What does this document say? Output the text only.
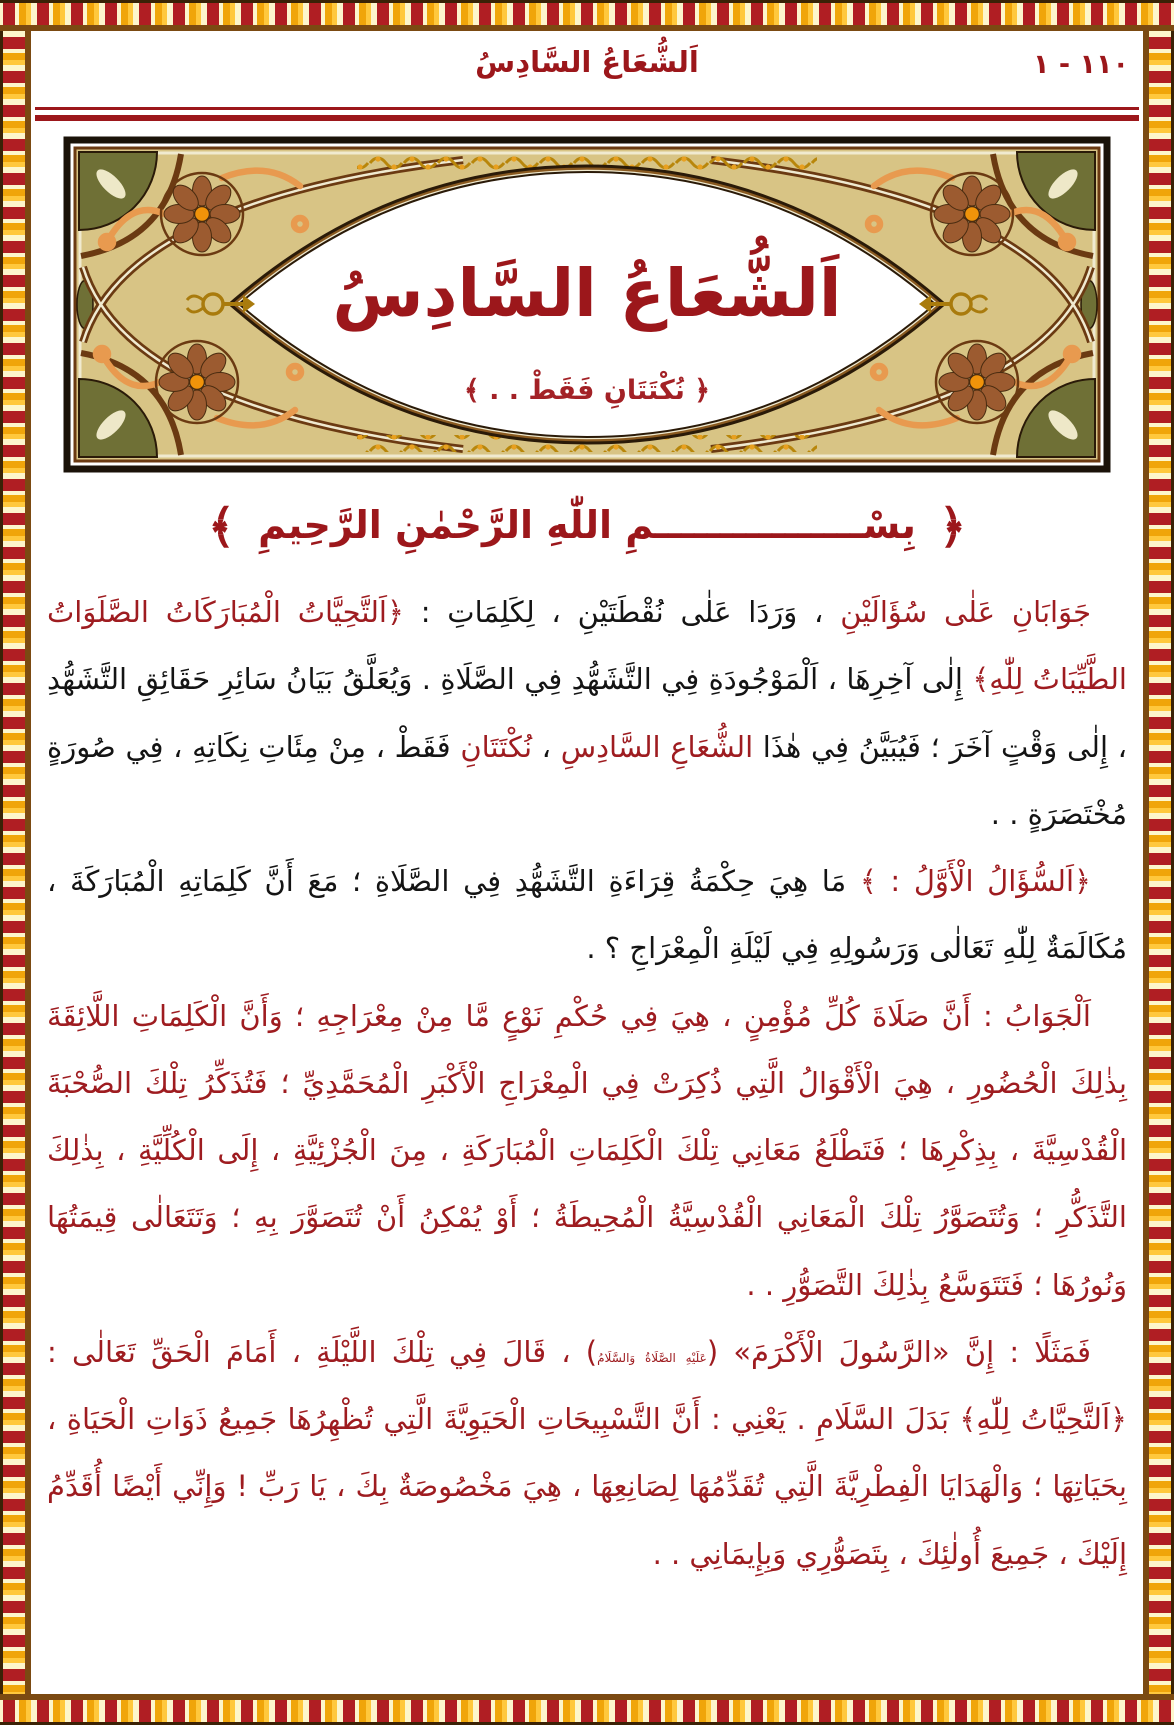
اَلشُّعَاعُ السَّادِسُ	١١٠ - ١
اَلشُّعَاعُ السَّادِسُ
﴿ نُكْتَتَانِ فَقَطْ . . ﴾
﴿ بِسْــــــــــــــــمِ اللّٰهِ الرَّحْمٰنِ الرَّحِيمِ ﴾

جَوَابَانِ عَلٰى سُؤَالَيْنِ ، وَرَدَا عَلٰى نُقْطَتَيْنِ ، لِكَلِمَاتِ : ﴿اَلتَّحِيَّاتُ الْمُبَارَكَاتُ الصَّلَوَاتُ الطَّيِّبَاتُ لِلّٰهِ﴾ إِلٰى آخِرِهَا ، اَلْمَوْجُودَةِ فِي التَّشَهُّدِ فِي الصَّلَاةِ . وَيُعَلَّقُ بَيَانُ سَائِرِ حَقَائِقِ التَّشَهُّدِ ، إِلٰى وَقْتٍ آخَرَ ؛ فَيُبَيَّنُ فِي هٰذَا الشُّعَاعِ السَّادِسِ ، نُكْتَتَانِ فَقَطْ ، مِنْ مِئَاتِ نِكَاتِهِ ، فِي صُورَةٍ مُخْتَصَرَةٍ . .

﴿اَلسُّؤَالُ الْأَوَّلُ : ﴾ مَا هِيَ حِكْمَةُ قِرَاءَةِ التَّشَهُّدِ فِي الصَّلَاةِ ؛ مَعَ أَنَّ كَلِمَاتِهِ الْمُبَارَكَةَ ، مُكَالَمَةٌ لِلّٰهِ تَعَالٰى وَرَسُولِهِ فِي لَيْلَةِ الْمِعْرَاجِ ؟ .

اَلْجَوَابُ : أَنَّ صَلَاةَ كُلِّ مُؤْمِنٍ ، هِيَ فِي حُكْمِ نَوْعٍ مَّا مِنْ مِعْرَاجِهِ ؛ وَأَنَّ الْكَلِمَاتِ اللَّائِقَةَ بِذٰلِكَ الْحُضُورِ ، هِيَ الْأَقْوَالُ الَّتِي ذُكِرَتْ فِي الْمِعْرَاجِ الْأَكْبَرِ الْمُحَمَّدِيِّ ؛ فَتُذَكِّرُ تِلْكَ الصُّحْبَةَ الْقُدْسِيَّةَ ، بِذِكْرِهَا ؛ فَتَطْلَعُ مَعَانِي تِلْكَ الْكَلِمَاتِ الْمُبَارَكَةِ ، مِنَ الْجُزْئِيَّةِ ، إِلَى الْكُلِّيَّةِ ، بِذٰلِكَ التَّذَكُّرِ ؛ وَتُتَصَوَّرُ تِلْكَ الْمَعَانِي الْقُدْسِيَّةُ الْمُحِيطَةُ ؛ أَوْ يُمْكِنُ أَنْ تُتَصَوَّرَ بِهِ ؛ وَتَتَعَالٰى قِيمَتُهَا وَنُورُهَا ؛ فَتَتَوَسَّعُ بِذٰلِكَ التَّصَوُّرِ . .

فَمَثَلًا : إِنَّ «الرَّسُولَ الْأَكْرَمَ» (عَلَيْهِ الصَّلَاةُ وَالسَّلَامُ) ، قَالَ فِي تِلْكَ اللَّيْلَةِ ، أَمَامَ الْحَقِّ تَعَالٰى : ﴿اَلتَّحِيَّاتُ لِلّٰهِ﴾ بَدَلَ السَّلَامِ . يَعْنِي : أَنَّ التَّسْبِيحَاتِ الْحَيَوِيَّةَ الَّتِي تُظْهِرُهَا جَمِيعُ ذَوَاتِ الْحَيَاةِ ، بِحَيَاتِهَا ؛ وَالْهَدَايَا الْفِطْرِيَّةَ الَّتِي تُقَدِّمُهَا لِصَانِعِهَا ، هِيَ مَخْصُوصَةٌ بِكَ ، يَا رَبِّ ! وَإِنِّي أَيْضًا أُقَدِّمُ إِلَيْكَ ، جَمِيعَ أُولٰئِكَ ، بِتَصَوُّرِي وَبِإِيمَانِي . .
